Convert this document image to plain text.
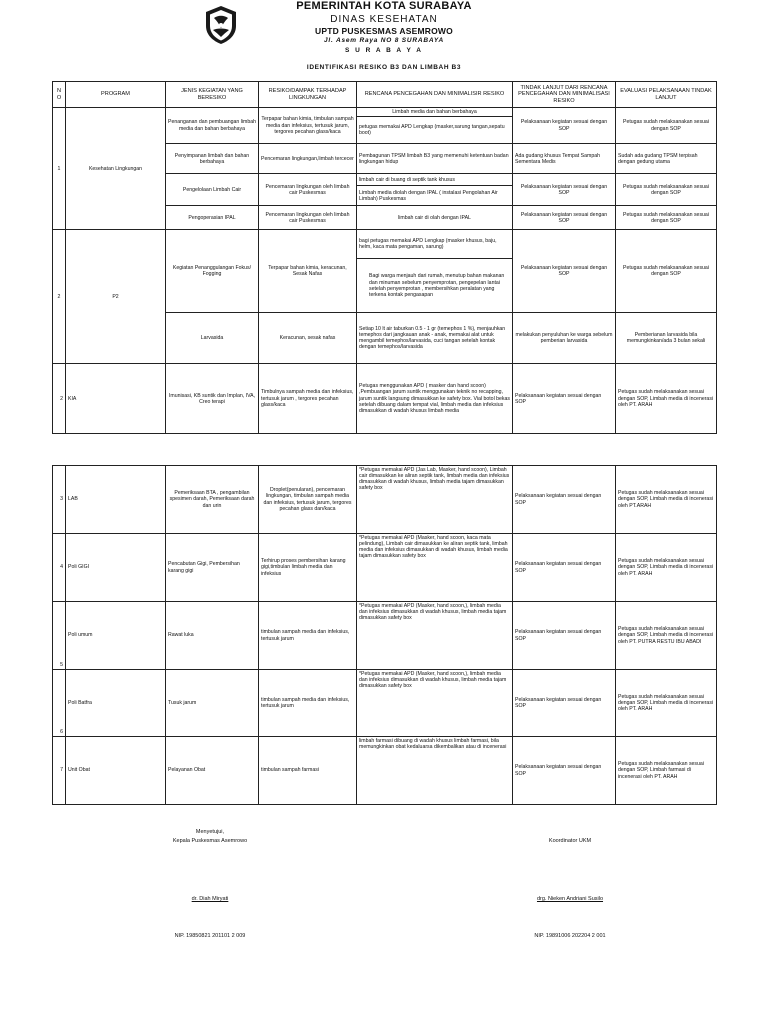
PEMERINTAH KOTA SURABAYA
DINAS KESEHATAN
UPTD PUSKESMAS ASEMROWO
Jl. Asem Raya NO 8 SURABAYA
S U R A B A Y A
IDENTIFIKASI RESIKO B3 DAN LIMBAH B3
NO	PROGRAM	JENIS KEGIATAN YANG BERESIKO	RESIKO/DAMPAK TERHADAP LINGKUNGAN	RENCANA PENCEGAHAN DAN MINIMALISIR RESIKO	TINDAK LANJUT DARI RENCANA PENCEGAHAN DAN MINIMALISASI RESIKO	EVALUASI PELAKSANAAN TINDAK LANJUT
1	Kesehatan Lingkungan	Penanganan dan pembuangan limbah media dan bahan berbahaya	Terpapar bahan kimia, timbulan sampah media dan infeksius, tertusuk jarum, tergores pecahan glass/kaca	Limbah media dan bahan berbahaya	Pelaksanaan kegiatan sesuai dengan SOP	Petugas sudah melaksanakan sesuai dengan SOP
				petugas memakai APD Lengkap (masker,sarung tangan,sepatu boot)		
		Penyimpanan limbah dan bahan berbahaya	Pencemaran lingkungan,limbah tercecer	Pembagunan TPSM limbah B3 yang memenuhi ketentuan badan lingkungan hidup	Ada gudang khusus Tempat Sampah Sementara Medis	Sudah ada gudang TPSM terpisah dengan gedung utama
		Pengelolaan Limbah Cair	Pencemaran lingkungan oleh limbah cair Puskesmas	limbah cair di buang di septik tank khusus	Pelaksanaan kegiatan sesuai dengan SOP	Petugas sudah melaksanakan sesuai dengan SOP
				Limbah media diolah dengan IPAL ( instalasi Pengolahan Air Limbah) Puskesmas		
		Pengoperasian IPAL	Pencemaran lingkungan oleh limbah cair Puskesmas	limbah cair di olah dengan IPAL	Pelaksanaan kegiatan sesuai dengan SOP	Petugas sudah melaksanakan sesuai dengan SOP
2	P2	Kegiatan Penanggulangan Fokus/ Fogging	Terpapar bahan kimia, keracunan, Sesak Nafas	bagi petugas memakai APD Lengkap (masker khusus, baju, helm, kaca mata pengaman, sarung)	Pelaksanaan kegiatan sesuai dengan SOP	Petugas sudah melaksanakan sesuai dengan SOP
				Bagi warga menjauh dari rumah, menutup bahan makanan dan minuman sebelum penyemprotan, pengepelan lantai setelah penyemprotan , membersihkan peralatan yang terkena kontak pengasapan		
		Larvasida	Keracunan, sesak nafas	Setiap 10 lt air taburkan 0.5 - 1 gr (temephos 1 %), menjauhkan temephos dari jangkauan anak - anak, memakai alat untuk mengambil temephos/larvasida, cuci tangan setelah kontak dengan temephos/larvasida	melakukan penyuluhan ke warga sebelum pemberian larvasida	Pemberianan larvasida bila memungkinkan/ada 3 bulan sekali
2	KIA	Imunisasi, KB suntik dan Implan, IVA, Creo terapi	Timbulnya sampah media dan infeksius, tertusuk jarum , tergores pecahan glass/kaca	Petugas menggunakan APD ( masker dan hand scoon) ,Pembuangan jarum suntik menggunakan teknik no recapping, jarum suntik langsung dimasukkan ke safety box. Vial botol bekas setelah dibuang dalam tempat vial, limbah media dan infeksius dimasukkan di wadah khusus limbah media	Pelaksanaan kegiatan sesuai dengan SOP	Petugas sudah melaksanakan sesuai dengan SOP, Limbah media di incenerasi oleh PT. ARAH
3	LAB	Pemeriksaan BTA , pengambilan spesimen darah, Pemeriksaan darah dan urin	Droplet(penularan), pencemaran lingkungan, timbulan sampah media dan infeksius, tertusuk jarum, tergores pecahan glass dan/kaca	*Petugas memakai APD (Jas Lab, Masker, hand scoon), Limbah cair dimasukkan ke aliran septik tank, limbah media dan infeksius dimasukkan di wadah khusus, limbah media tajam dimasukkan safety box	Pelaksanaan kegiatan sesuai dengan SOP	Petugas sudah melaksanakan sesuai dengan SOP, Limbah media di incenerasi oleh PT.ARAH
4	Poli GIGI	Pencabutan Gigi, Pembersihan karang gigi	Terhirup proses pembersihan karang gigi,timbulan limbah media dan infeksius	*Petugas memakai APD (Masker, hand scoon, kaca mata pelindung), Limbah cair dimasukkan ke aliran septik tank, limbah media dan infeksius dimasukkan di wadah khusus, limbah media tajam dimasukkan safety box	Pelaksanaan kegiatan sesuai dengan SOP	Petugas sudah melaksanakan sesuai dengan SOP, Limbah media di incenerasi oleh PT. ARAH
5	Poli umum	Rawat luka	timbulan sampah media dan infeksius, tertusuk jarum	*Petugas memakai APD (Masker, hand scoon,), limbah media dan infeksius dimasukkan di wadah khusus, limbah media tajam dimasukkan safety box	Pelaksanaan kegiatan sesuai dengan SOP	Petugas sudah melaksanakan sesuai dengan SOP, Limbah media di incenerasi oleh PT. PUTRA RESTU IBU ABADI
6	Poli Batfra	Tusuk jarum	timbulan sampah media dan infeksius, tertusuk jarum	*Petugas memakai APD (Masker, hand scoon,), limbah media dan infeksius dimasukkan di wadah khusus, limbah media tajam dimasukkan safety box	Pelaksanaan kegiatan sesuai dengan SOP	Petugas sudah melaksanakan sesuai dengan SOP, Limbah media di incenerasi oleh PT. ARAH
7	Unit Obat	Pelayanan Obat	timbulan sampah farmasi	limbah farmasi dibuang di wadah khusus limbah farmasi, bila memungkinkan obat kedaluarsa dikembalikan atau di incenerasi	Pelaksanaan kegiatan sesuai dengan SOP	Petugas sudah melaksanakan sesuai dengan SOP, Limbah farmasi di incenerasi oleh PT. ARAH
Menyetujui,
Kepala Puskesmas Asemrowo
dr. Diah Miryati
NIP. 19850821 201101 2 009
Koordinator UKM
drg. Nieken Andriani Susilo
NIP. 19891006 202204 2 001
